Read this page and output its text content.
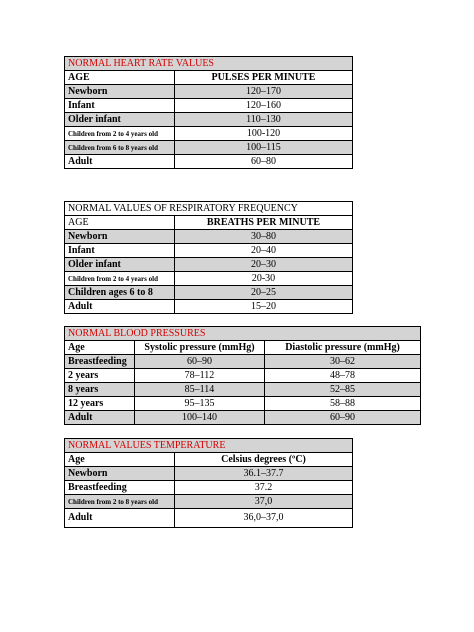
NORMAL HEART RATE VALUES	
AGE	PULSES PER MINUTE
Newborn	120–170
Infant	120–160
Older infant	110–130
Children from 2 to 4 years old	100-120
Children from 6 to 8 years old	100–115
Adult	60–80
NORMAL VALUES OF RESPIRATORY FREQUENCY	
AGE	BREATHS PER MINUTE
Newborn	30–80
Infant	20–40
Older infant	20–30
Children from 2 to 4 years old	20-30
Children ages 6 to 8	20–25
Adult	15–20
NORMAL BLOOD PRESSURES		
Age	Systolic pressure (mmHg)	Diastolic pressure (mmHg)
Breastfeeding	60–90	30–62
2 years	78–112	48–78
8 years	85–114	52–85
12 years	95–135	58–88
Adult	100–140	60–90
NORMAL VALUES TEMPERATURE	
Age	Celsius degrees (ºC)
Newborn	36.1–37.7
Breastfeeding	37.2
Children from 2 to 8 years old	37,0
Adult	36,0–37,0
